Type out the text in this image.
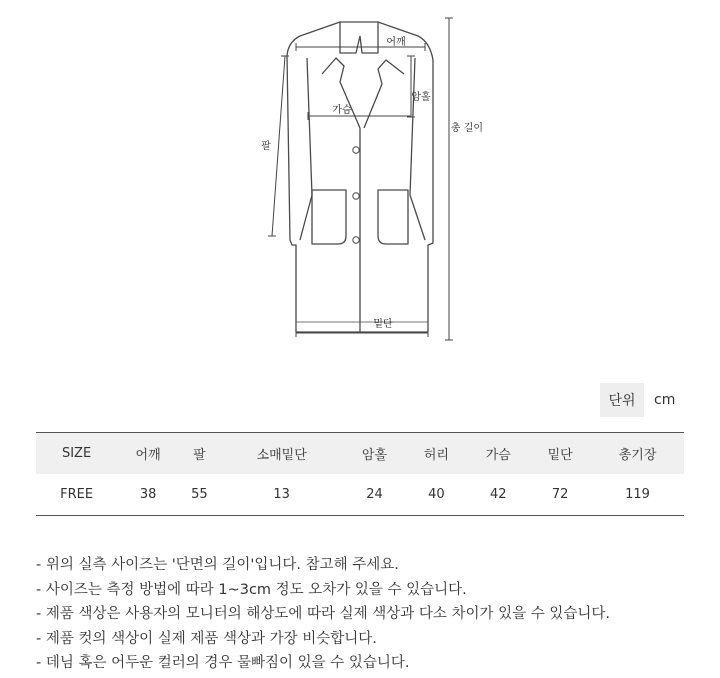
어깨
암홀
가슴
팔
총 길이
밑단
단위	cm
SIZE	어깨	팔	소매밑단	암홀	허리	가슴	밑단	총기장
FREE	38	55	13	24	40	42	72	119
- 위의 실측 사이즈는 '단면의 길이'입니다. 참고해 주세요.
- 사이즈는 측정 방법에 따라 1~3cm 정도 오차가 있을 수 있습니다.
- 제품 색상은 사용자의 모니터의 해상도에 따라 실제 색상과 다소 차이가 있을 수 있습니다.
- 제품 컷의 색상이 실제 제품 색상과 가장 비슷합니다.
- 데님 혹은 어두운 컬러의 경우 물빠짐이 있을 수 있습니다.
